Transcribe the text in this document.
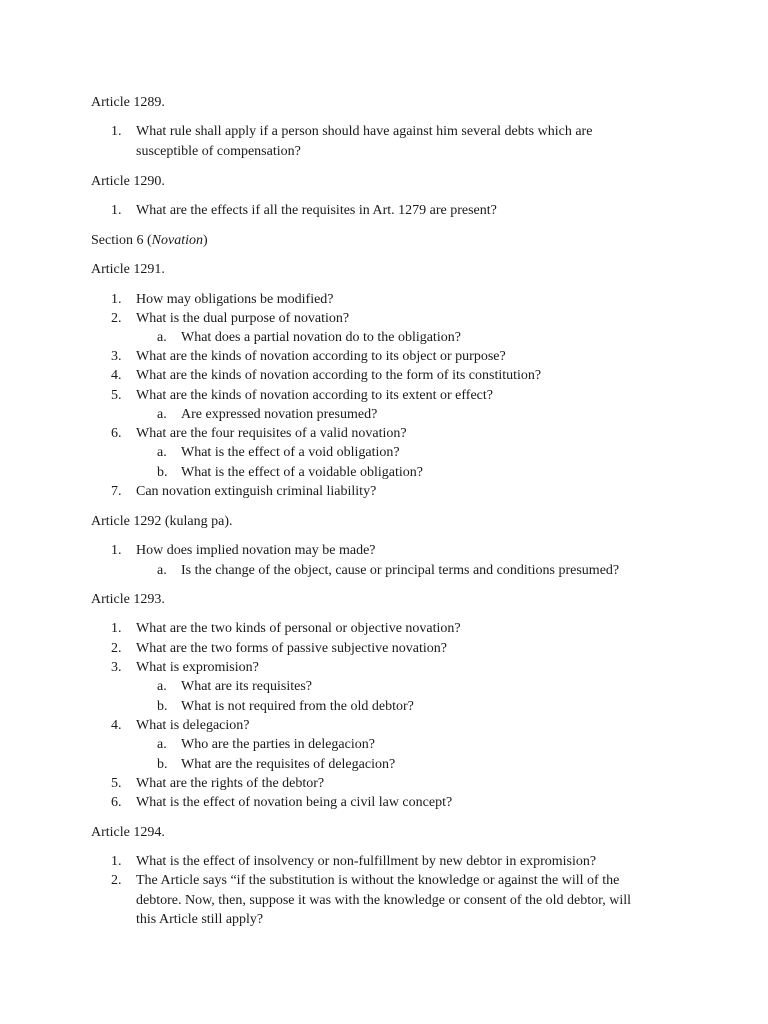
Article 1289.

1. What rule shall apply if a person should have against him several debts which are susceptible of compensation?

Article 1290.

1. What are the effects if all the requisites in Art. 1279 are present?

Section 6 (Novation)

Article 1291.

1. How may obligations be modified?
2. What is the dual purpose of novation?
a. What does a partial novation do to the obligation?
3. What are the kinds of novation according to its object or purpose?
4. What are the kinds of novation according to the form of its constitution?
5. What are the kinds of novation according to its extent or effect?
a. Are expressed novation presumed?
6. What are the four requisites of a valid novation?
a. What is the effect of a void obligation?
b. What is the effect of a voidable obligation?
7. Can novation extinguish criminal liability?

Article 1292 (kulang pa).

1. How does implied novation may be made?
a. Is the change of the object, cause or principal terms and conditions presumed?

Article 1293.

1. What are the two kinds of personal or objective novation?
2. What are the two forms of passive subjective novation?
3. What is expromision?
a. What are its requisites?
b. What is not required from the old debtor?
4. What is delegacion?
a. Who are the parties in delegacion?
b. What are the requisites of delegacion?
5. What are the rights of the debtor?
6. What is the effect of novation being a civil law concept?

Article 1294.

1. What is the effect of insolvency or non-fulfillment by new debtor in expromision?
2. The Article says “if the substitution is without the knowledge or against the will of the debtore. Now, then, suppose it was with the knowledge or consent of the old debtor, will this Article still apply?
